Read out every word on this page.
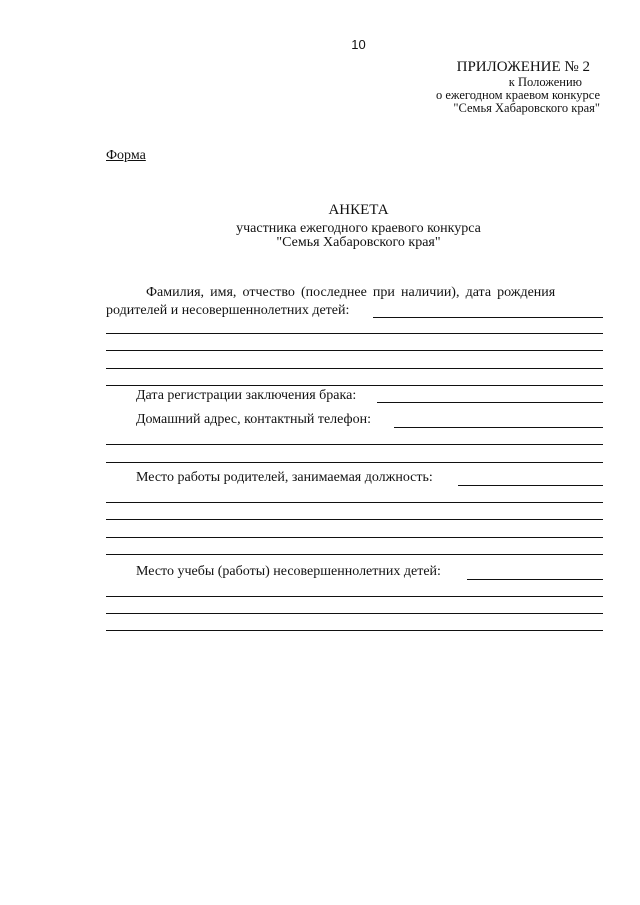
10
ПРИЛОЖЕНИЕ № 2
к Положению
о ежегодном краевом конкурсе
"Семья Хабаровского края"
Форма
АНКЕТА
участника ежегодного краевого конкурса
"Семья Хабаровского края"
Фамилия, имя, отчество (последнее при наличии), дата рождения
родителей и несовершеннолетних детей:
Дата регистрации заключения брака:
Домашний адрес, контактный телефон:
Место работы родителей, занимаемая должность:
Место учебы (работы) несовершеннолетних детей:
